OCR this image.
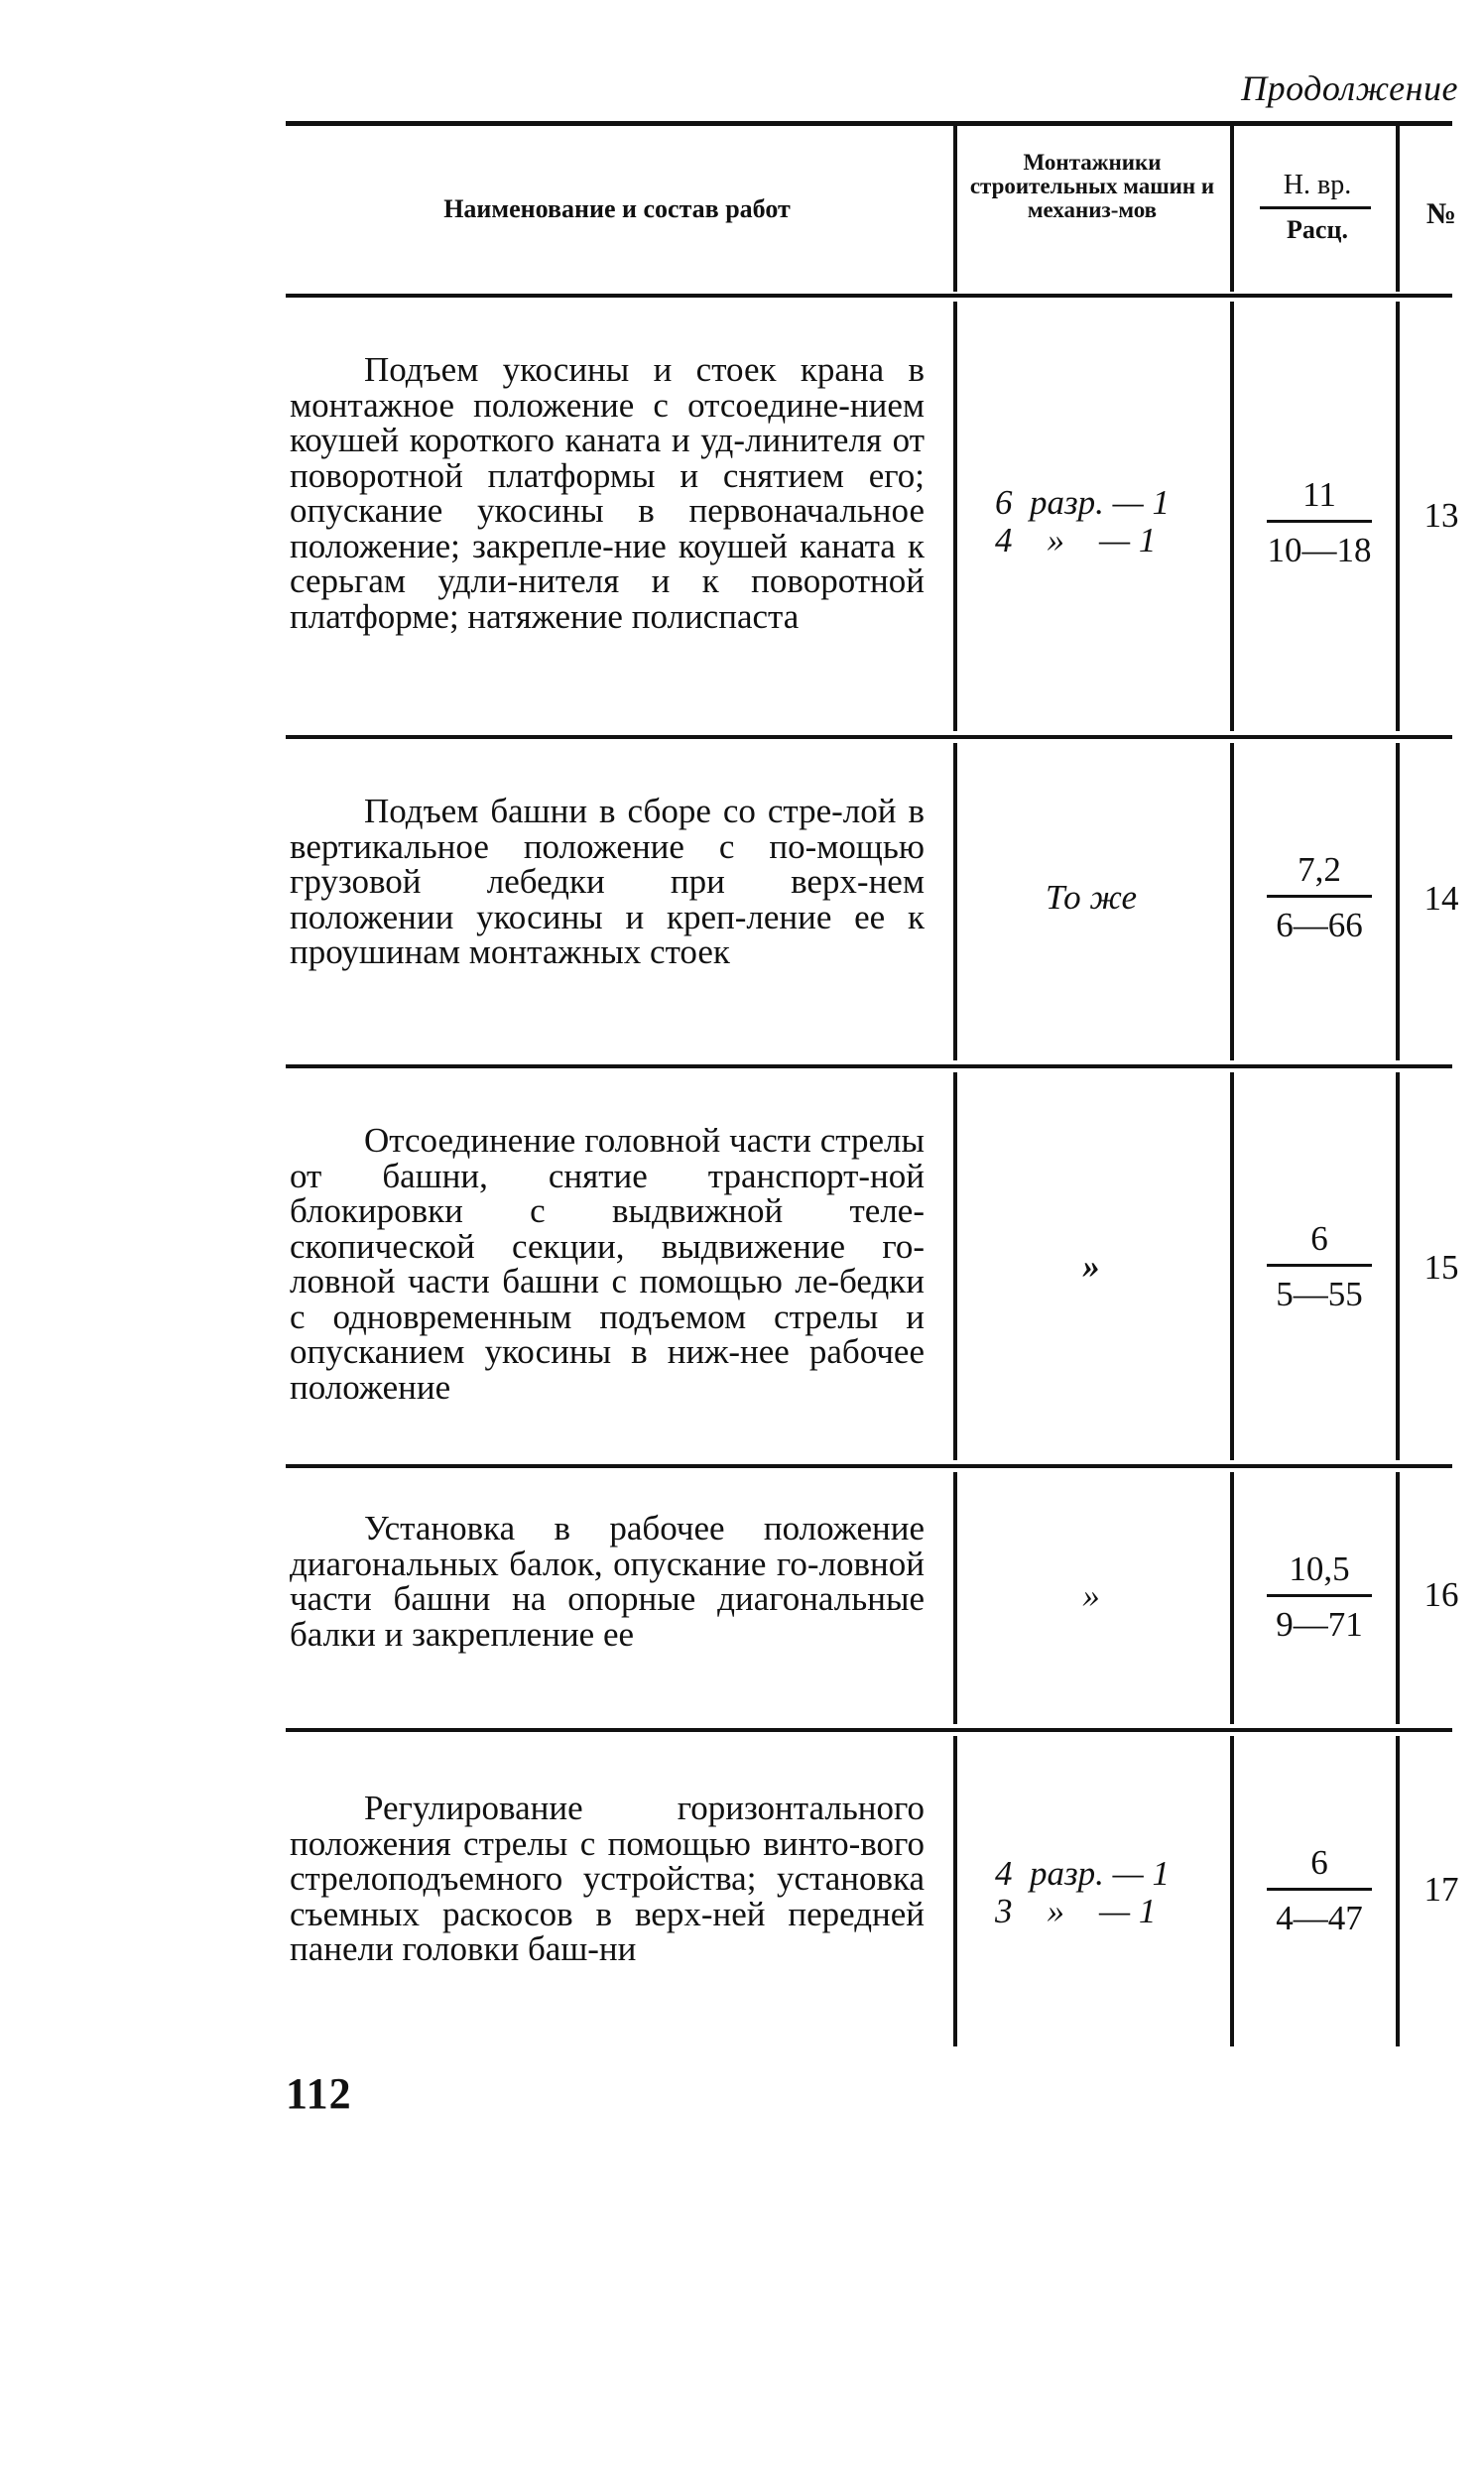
Продолжение
Наименование и состав работ
Монтажники строительных машин и механиз-мов
Н. вр.
Расц.	№

Подъем укосины и стоек крана в монтажное положение с отсоедине-нием коушей короткого каната и уд-линителя от поворотной платформы и снятием его; опускание укосины в первоначальное положение; закрепле-ние коушей каната к серьгам удли-нителя и к поворотной платформе; натяжение полиспаста

6  разр. — 1
4    »    — 1
11
10—18
13

Подъем башни в сборе со стре-лой в вертикальное положение с по-мощью грузовой лебедки при верх-нем положении укосины и креп-ление ее к проушинам монтажных стоек

То же
7,2
6—66
14

Отсоединение головной части стрелы от башни, снятие транспорт-ной блокировки с выдвижной теле-скопической секции, выдвижение го-ловной части башни с помощью ле-бедки с одновременным подъемом стрелы и опусканием укосины в ниж-нее рабочее положение

»
6
5—55
15

Установка в рабочее положение диагональных балок, опускание го-ловной части башни на опорные диагональные балки и закрепление ее

»
10,5
9—71
16

Регулирование горизонтального положения стрелы с помощью винто-вого стрелоподъемного устройства; установка съемных раскосов в верх-ней передней панели головки баш-ни

4  разр. — 1
3    »    — 1
6
4—47
17
112
